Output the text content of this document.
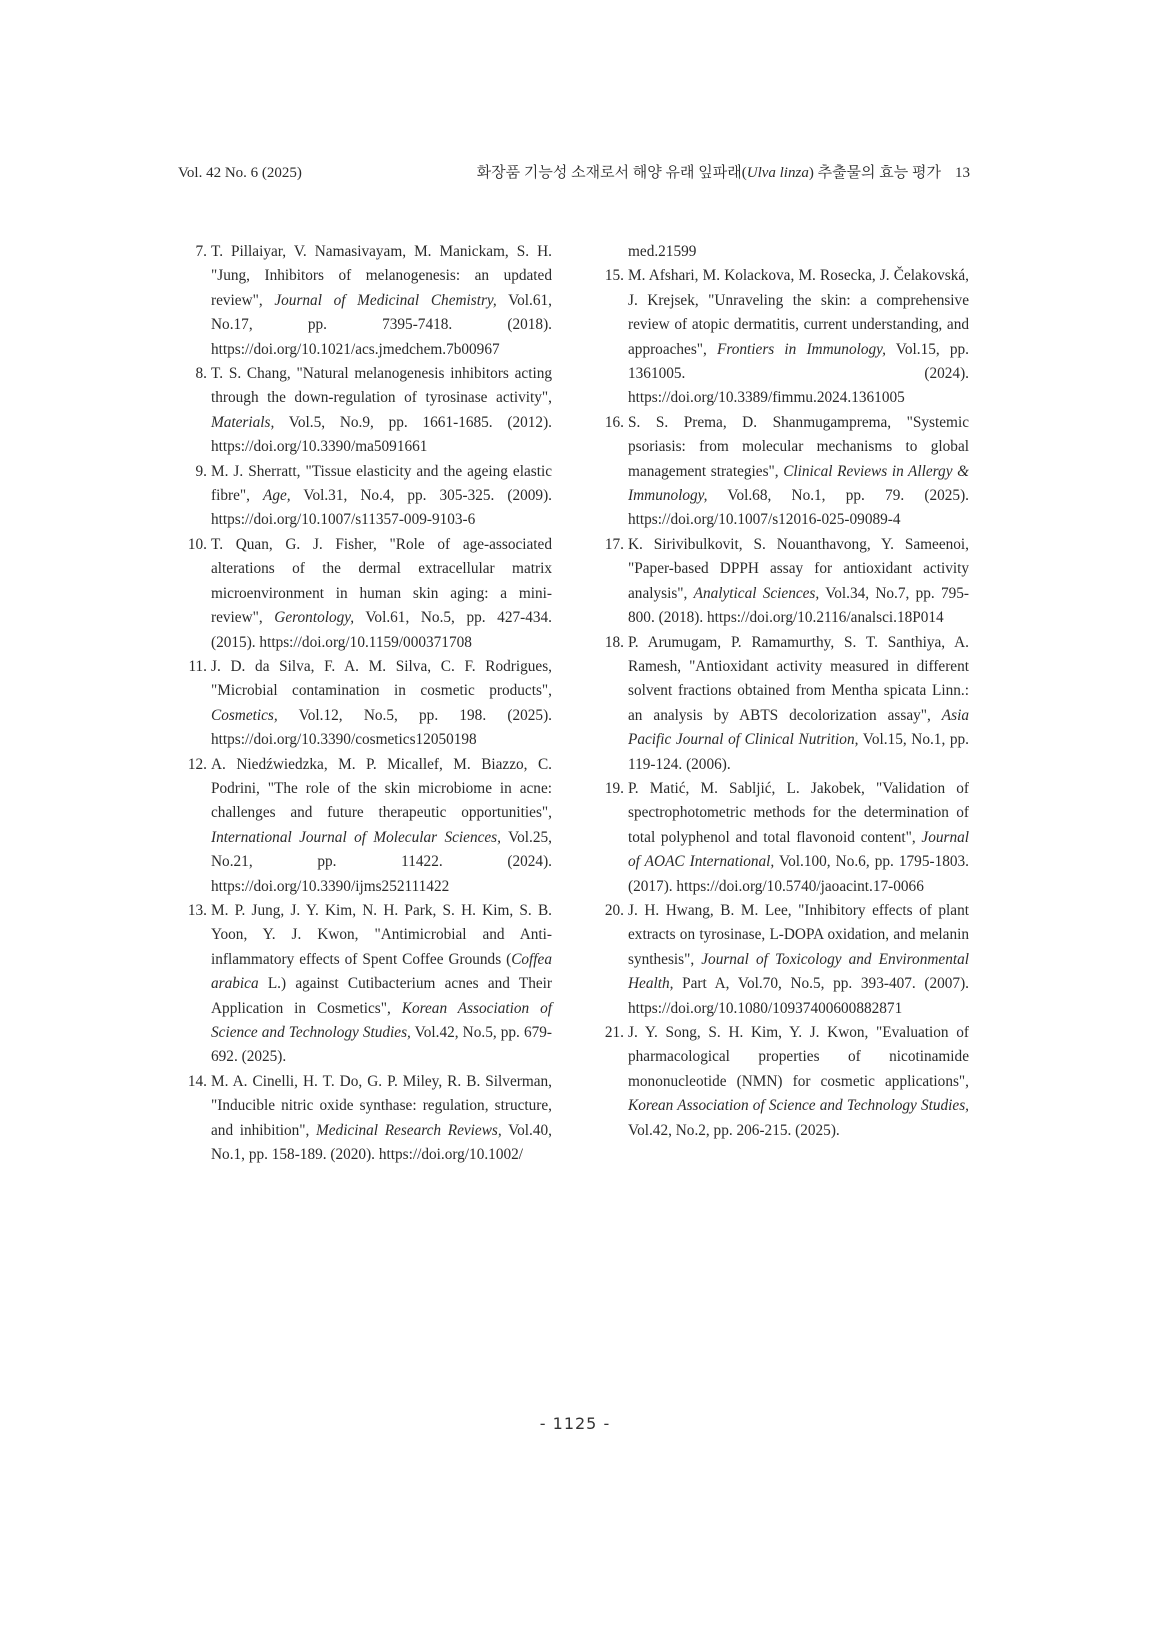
Vol. 42 No. 6 (2025)	화장품 기능성 소재로서 해양 유래 잎파래(Ulva linza) 추출물의 효능 평가 13

7. T. Pillaiyar, V. Namasivayam, M. Manickam, S. H. "Jung, Inhibitors of melanogenesis: an updated review", Journal of Medicinal Chemistry, Vol.61, No.17, pp. 7395-7418. (2018). https://doi.org/10.1021/acs.jmedchem.7b00967

8. T. S. Chang, "Natural melanogenesis inhibitors acting through the down-regulation of tyrosinase activity", Materials, Vol.5, No.9, pp. 1661-1685. (2012). https://doi.org/10.3390/ma5091661

9. M. J. Sherratt, "Tissue elasticity and the ageing elastic fibre", Age, Vol.31, No.4, pp. 305-325. (2009). https://doi.org/10.1007/s11357-009-9103-6

10. T. Quan, G. J. Fisher, "Role of age-associated alterations of the dermal extracellular matrix microenvironment in human skin aging: a mini-review", Gerontology, Vol.61, No.5, pp. 427-434. (2015). https://doi.org/10.1159/000371708

11. J. D. da Silva, F. A. M. Silva, C. F. Rodrigues, "Microbial contamination in cosmetic products", Cosmetics, Vol.12, No.5, pp. 198. (2025). https://doi.org/10.3390/cosmetics12050198

12. A. Niedźwiedzka, M. P. Micallef, M. Biazzo, C. Podrini, "The role of the skin microbiome in acne: challenges and future therapeutic opportunities", International Journal of Molecular Sciences, Vol.25, No.21, pp. 11422. (2024). https://doi.org/10.3390/ijms252111422

13. M. P. Jung, J. Y. Kim, N. H. Park, S. H. Kim, S. B. Yoon, Y. J. Kwon, "Antimicrobial and Anti-inflammatory effects of Spent Coffee Grounds (Coffea arabica L.) against Cutibacterium acnes and Their Application in Cosmetics", Korean Association of Science and Technology Studies, Vol.42, No.5, pp. 679-692. (2025).

14. M. A. Cinelli, H. T. Do, G. P. Miley, R. B. Silverman, "Inducible nitric oxide synthase: regulation, structure, and inhibition", Medicinal Research Reviews, Vol.40, No.1, pp. 158-189. (2020). https://doi.org/10.1002/

med.21599

15. M. Afshari, M. Kolackova, M. Rosecka, J. Čelakovská, J. Krejsek, "Unraveling the skin: a comprehensive review of atopic dermatitis, current understanding, and approaches", Frontiers in Immunology, Vol.15, pp. 1361005. (2024). https://doi.org/10.3389/fimmu.2024.1361005

16. S. S. Prema, D. Shanmugamprema, "Systemic psoriasis: from molecular mechanisms to global management strategies", Clinical Reviews in Allergy & Immunology, Vol.68, No.1, pp. 79. (2025). https://doi.org/10.1007/s12016-025-09089-4

17. K. Sirivibulkovit, S. Nouanthavong, Y. Sameenoi, "Paper-based DPPH assay for antioxidant activity analysis", Analytical Sciences, Vol.34, No.7, pp. 795-800. (2018). https://doi.org/10.2116/analsci.18P014

18. P. Arumugam, P. Ramamurthy, S. T. Santhiya, A. Ramesh, "Antioxidant activity measured in different solvent fractions obtained from Mentha spicata Linn.: an analysis by ABTS decolorization assay", Asia Pacific Journal of Clinical Nutrition, Vol.15, No.1, pp. 119-124. (2006).

19. P. Matić, M. Sabljić, L. Jakobek, "Validation of spectrophotometric methods for the determination of total polyphenol and total flavonoid content", Journal of AOAC International, Vol.100, No.6, pp. 1795-1803. (2017). https://doi.org/10.5740/jaoacint.17-0066

20. J. H. Hwang, B. M. Lee, "Inhibitory effects of plant extracts on tyrosinase, L-DOPA oxidation, and melanin synthesis", Journal of Toxicology and Environmental Health, Part A, Vol.70, No.5, pp. 393-407. (2007). https://doi.org/10.1080/10937400600882871

21. J. Y. Song, S. H. Kim, Y. J. Kwon, "Evaluation of pharmacological properties of nicotinamide mononucleotide (NMN) for cosmetic applications", Korean Association of Science and Technology Studies, Vol.42, No.2, pp. 206-215. (2025).

- 1125 -
